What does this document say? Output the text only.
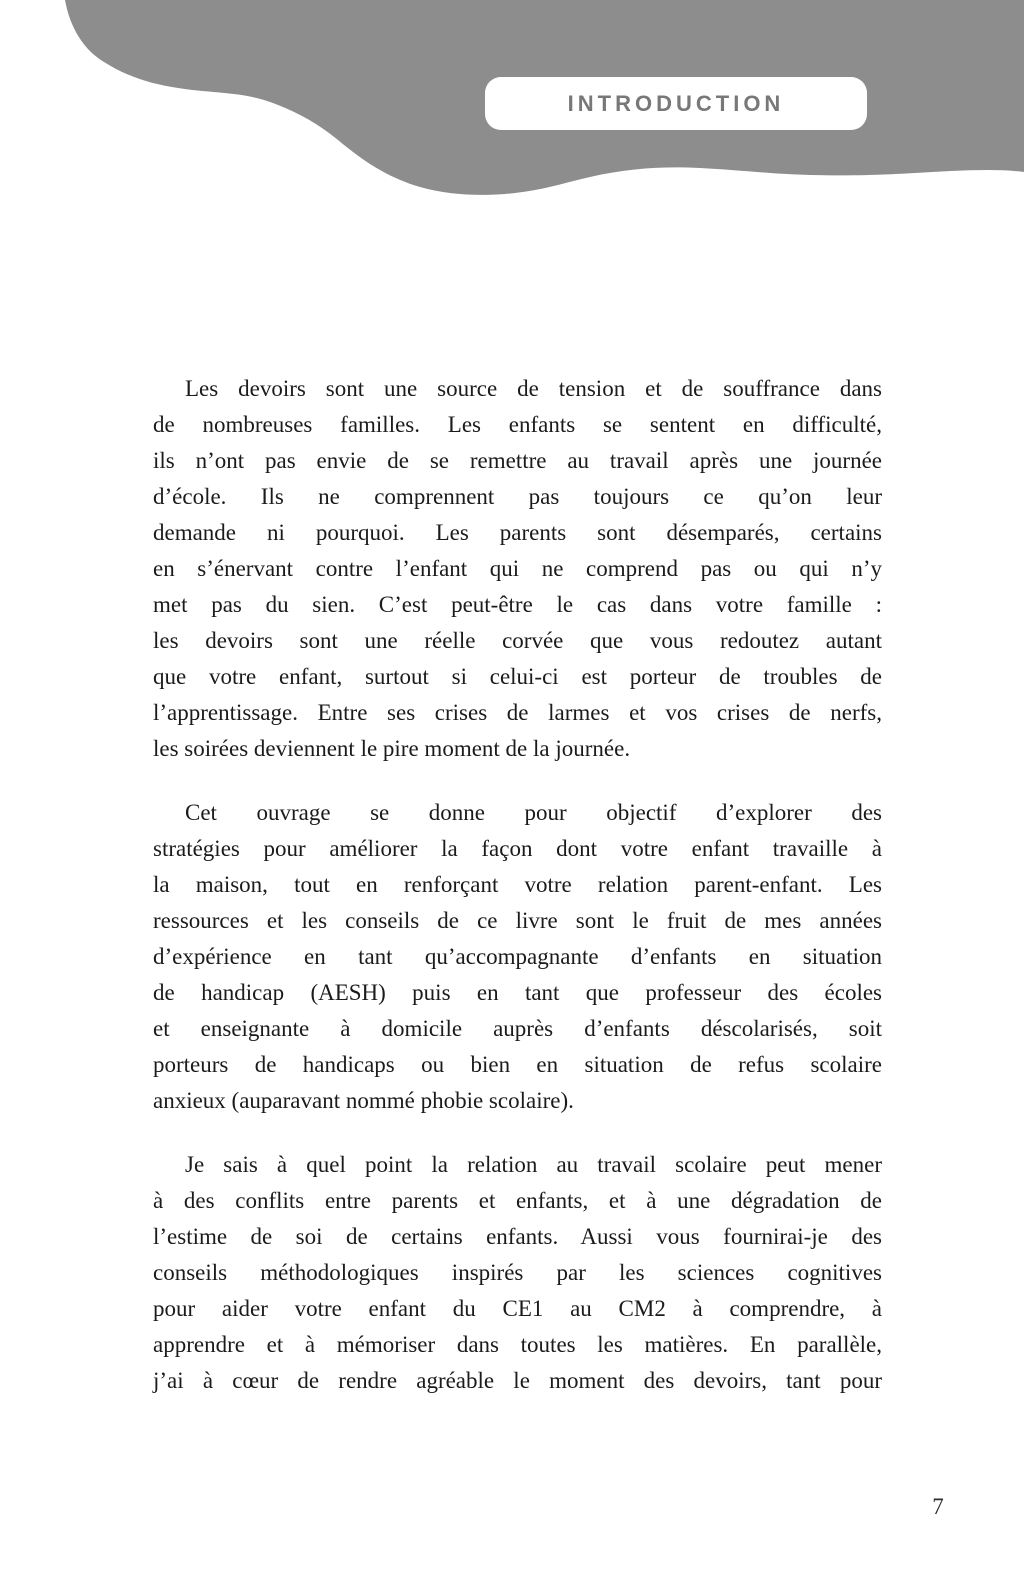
INTRODUCTION
Les devoirs sont une source de tension et de souffrance dans
de nombreuses familles. Les enfants se sentent en difficulté,
ils n’ont pas envie de se remettre au travail après une journée
d’école. Ils ne comprennent pas toujours ce qu’on leur
demande ni pourquoi. Les parents sont désemparés, certains
en s’énervant contre l’enfant qui ne comprend pas ou qui n’y
met pas du sien. C’est peut-être le cas dans votre famille :
les devoirs sont une réelle corvée que vous redoutez autant
que votre enfant, surtout si celui-ci est porteur de troubles de
l’apprentissage. Entre ses crises de larmes et vos crises de nerfs,
les soirées deviennent le pire moment de la journée.
Cet ouvrage se donne pour objectif d’explorer des
stratégies pour améliorer la façon dont votre enfant travaille à
la maison, tout en renforçant votre relation parent-enfant. Les
ressources et les conseils de ce livre sont le fruit de mes années
d’expérience en tant qu’accompagnante d’enfants en situation
de handicap (AESH) puis en tant que professeur des écoles
et enseignante à domicile auprès d’enfants déscolarisés, soit
porteurs de handicaps ou bien en situation de refus scolaire
anxieux (auparavant nommé phobie scolaire).
Je sais à quel point la relation au travail scolaire peut mener
à des conflits entre parents et enfants, et à une dégradation de
l’estime de soi de certains enfants. Aussi vous fournirai-je des
conseils méthodologiques inspirés par les sciences cognitives
pour aider votre enfant du CE1 au CM2 à comprendre, à
apprendre et à mémoriser dans toutes les matières. En parallèle,
j’ai à cœur de rendre agréable le moment des devoirs, tant pour
7
